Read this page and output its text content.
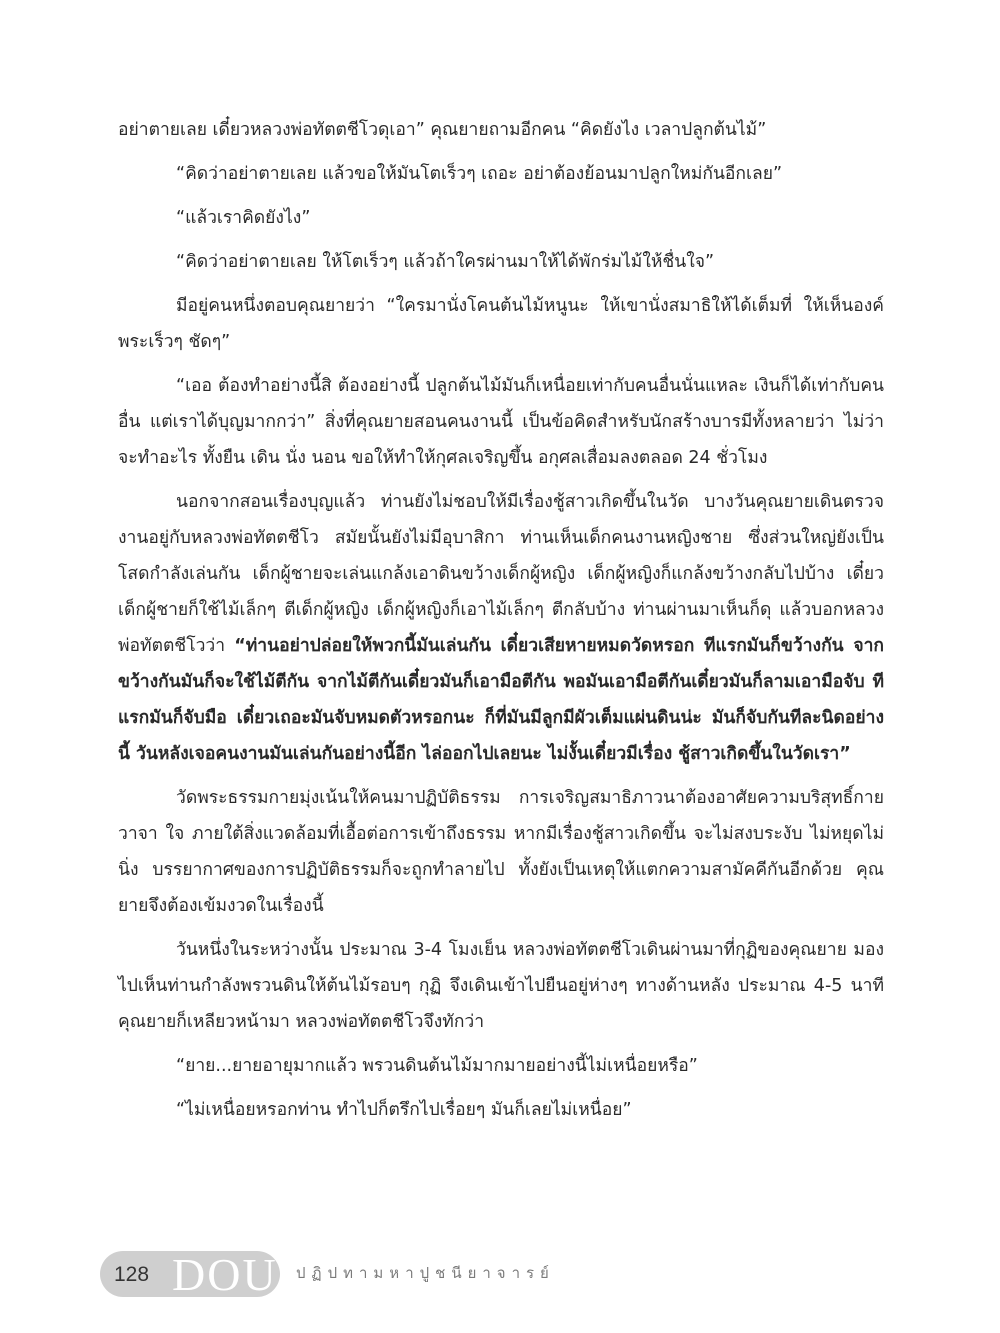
อย่าตายเลย เดี๋ยวหลวงพ่อทัตตชีโวดุเอา” คุณยายถามอีกคน “คิดยังไง เวลาปลูกต้นไม้”

“คิดว่าอย่าตายเลย แล้วขอให้มันโตเร็วๆ เถอะ อย่าต้องย้อนมาปลูกใหม่กันอีกเลย”

“แล้วเราคิดยังไง”

“คิดว่าอย่าตายเลย ให้โตเร็วๆ แล้วถ้าใครผ่านมาให้ได้พักร่มไม้ให้ชื่นใจ”

มีอยู่คนหนึ่งตอบคุณยายว่า “ใครมานั่งโคนต้นไม้หนูนะ ให้เขานั่งสมาธิให้ได้เต็มที่ ให้เห็นองค์พระเร็วๆ ชัดๆ”

“เออ ต้องทำอย่างนี้สิ ต้องอย่างนี้ ปลูกต้นไม้มันก็เหนื่อยเท่ากับคนอื่นนั่นแหละ เงินก็ได้เท่ากับคนอื่น แต่เราได้บุญมากกว่า” สิ่งที่คุณยายสอนคนงานนี้ เป็นข้อคิดสำหรับนักสร้างบารมีทั้งหลายว่า ไม่ว่าจะทำอะไร ทั้งยืน เดิน นั่ง นอน ขอให้ทำให้กุศลเจริญขึ้น อกุศลเสื่อมลงตลอด 24 ชั่วโมง

นอกจากสอนเรื่องบุญแล้ว ท่านยังไม่ชอบให้มีเรื่องชู้สาวเกิดขึ้นในวัด บางวันคุณยายเดินตรวจงานอยู่กับหลวงพ่อทัตตชีโว สมัยนั้นยังไม่มีอุบาสิกา ท่านเห็นเด็กคนงานหญิงชาย ซึ่งส่วนใหญ่ยังเป็นโสดกำลังเล่นกัน เด็กผู้ชายจะเล่นแกล้งเอาดินขว้างเด็กผู้หญิง เด็กผู้หญิงก็แกล้งขว้างกลับไปบ้าง เดี๋ยวเด็กผู้ชายก็ใช้ไม้เล็กๆ ตีเด็กผู้หญิง เด็กผู้หญิงก็เอาไม้เล็กๆ ตีกลับบ้าง ท่านผ่านมาเห็นก็ดุ แล้วบอกหลวงพ่อทัตตชีโวว่า “ท่านอย่าปล่อยให้พวกนี้มันเล่นกัน เดี๋ยวเสียหายหมดวัดหรอก ทีแรกมันก็ขว้างกัน จากขว้างกันมันก็จะใช้ไม้ตีกัน จากไม้ตีกันเดี๋ยวมันก็เอามือตีกัน พอมันเอามือตีกันเดี๋ยวมันก็ลามเอามือจับ ทีแรกมันก็จับมือ เดี๋ยวเถอะมันจับหมดตัวหรอกนะ ก็ที่มันมีลูกมีผัวเต็มแผ่นดินน่ะ มันก็จับกันทีละนิดอย่างนี้ วันหลังเจอคนงานมันเล่นกันอย่างนี้อีก ไล่ออกไปเลยนะ ไม่งั้นเดี๋ยวมีเรื่อง ชู้สาวเกิดขึ้นในวัดเรา”

วัดพระธรรมกายมุ่งเน้นให้คนมาปฏิบัติธรรม การเจริญสมาธิภาวนาต้องอาศัยความบริสุทธิ์กาย วาจา ใจ ภายใต้สิ่งแวดล้อมที่เอื้อต่อการเข้าถึงธรรม หากมีเรื่องชู้สาวเกิดขึ้น จะไม่สงบระงับ ไม่หยุดไม่นิ่ง บรรยากาศของการปฏิบัติธรรมก็จะถูกทำลายไป ทั้งยังเป็นเหตุให้แตกความสามัคคีกันอีกด้วย คุณยายจึงต้องเข้มงวดในเรื่องนี้

วันหนึ่งในระหว่างนั้น ประมาณ 3-4 โมงเย็น หลวงพ่อทัตตชีโวเดินผ่านมาที่กุฏิของคุณยาย มองไปเห็นท่านกำลังพรวนดินให้ต้นไม้รอบๆ กุฏิ จึงเดินเข้าไปยืนอยู่ห่างๆ ทางด้านหลัง ประมาณ 4-5 นาที คุณยายก็เหลียวหน้ามา หลวงพ่อทัตตชีโวจึงทักว่า

“ยาย...ยายอายุมากแล้ว พรวนดินต้นไม้มากมายอย่างนี้ไม่เหนื่อยหรือ”

“ไม่เหนื่อยหรอกท่าน ทำไปก็ตรึกไปเรื่อยๆ มันก็เลยไม่เหนื่อย”

128 DOU ปฏิปทามหาปูชนียาจารย์
